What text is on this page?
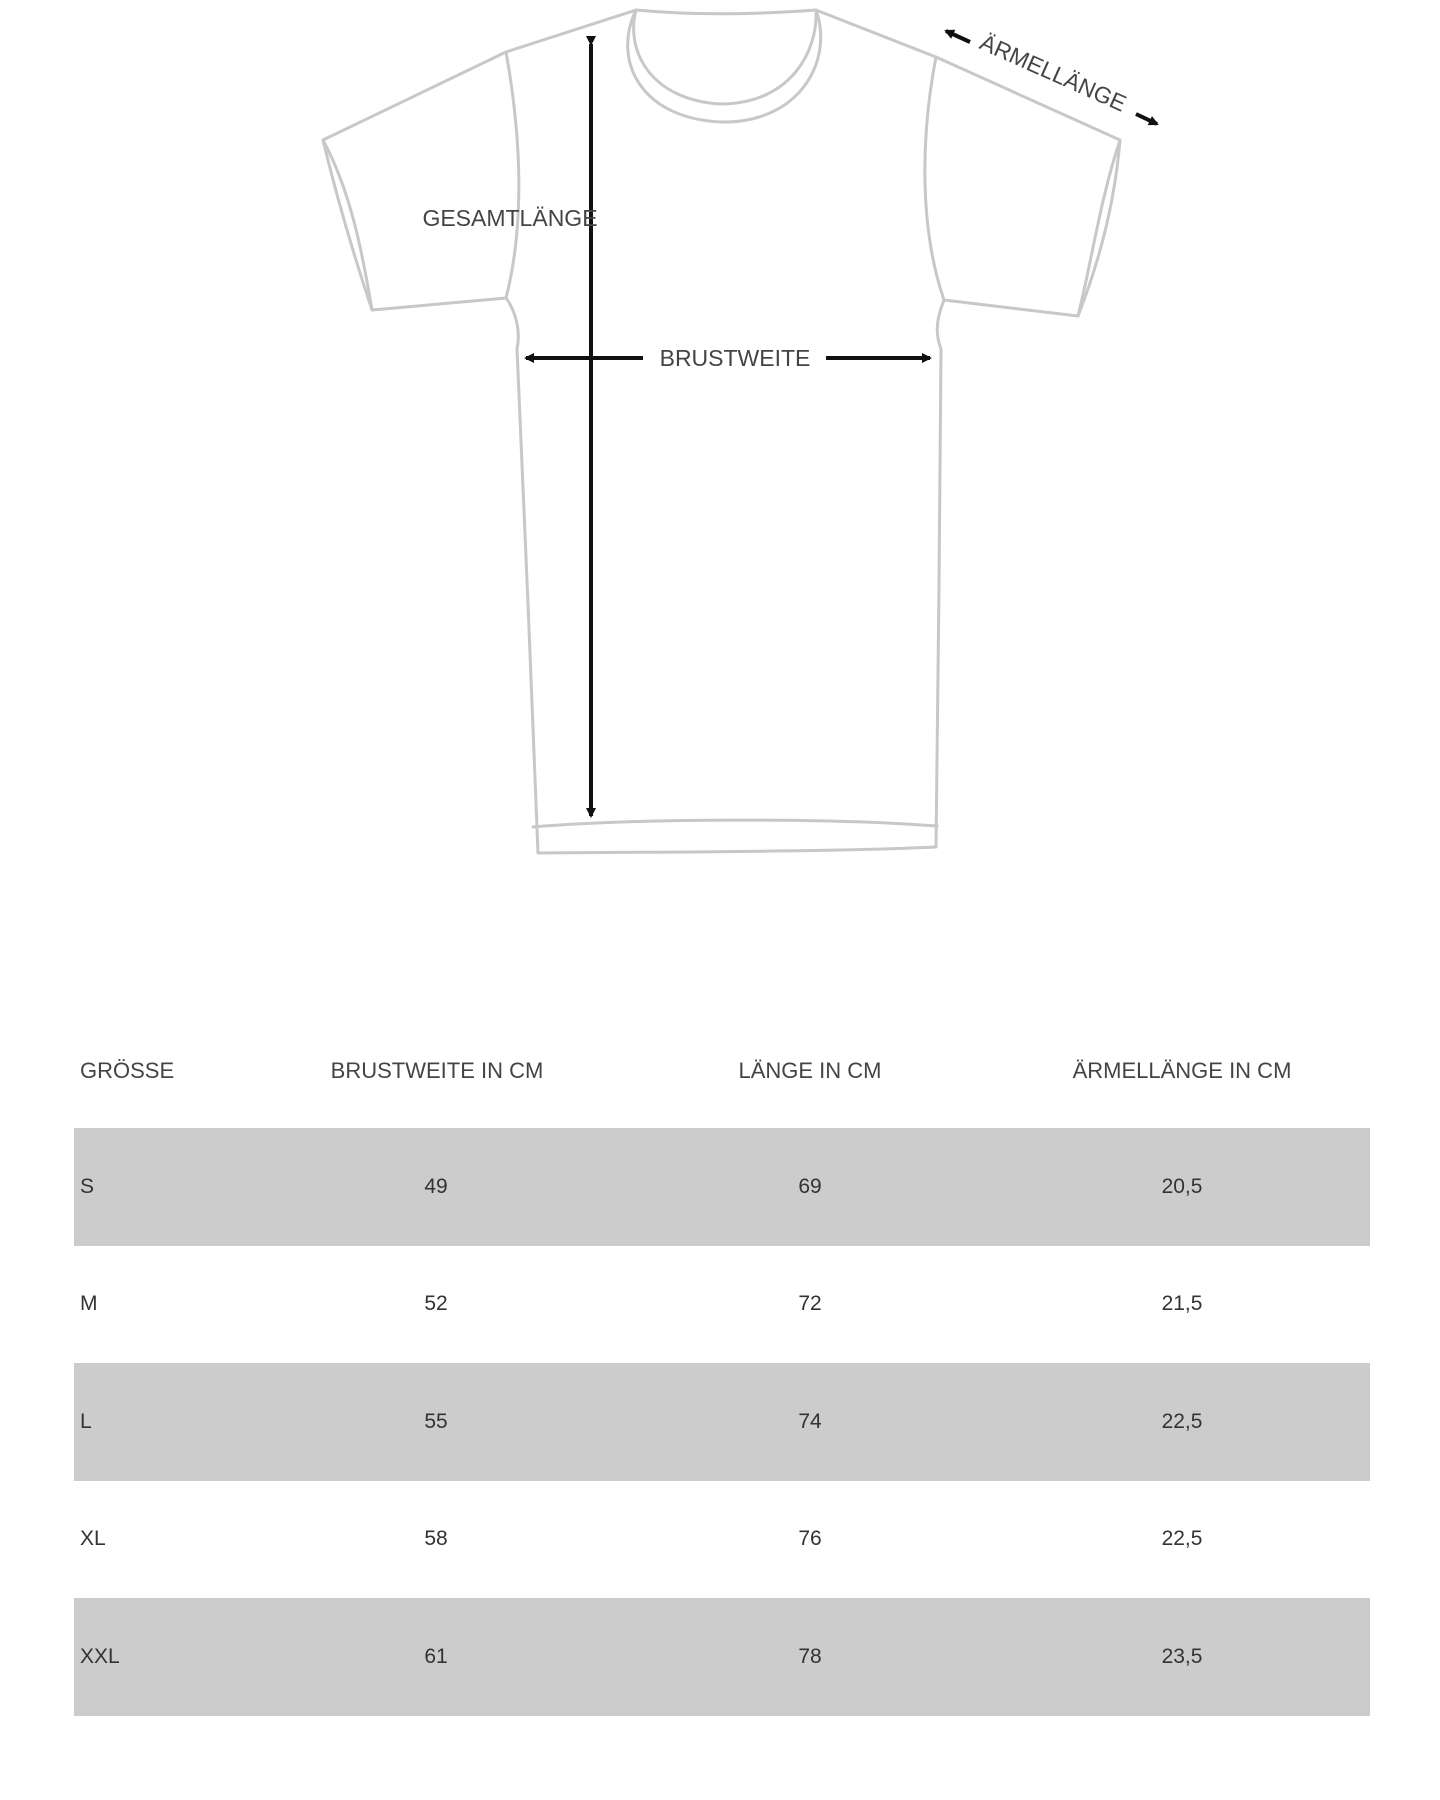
GESAMTLÄNGE
BRUSTWEITE
ÄRMELLÄNGE
GRÖSSE	BRUSTWEITE IN CM	LÄNGE IN CM	ÄRMELLÄNGE IN CM
S	49	69	20,5
M	52	72	21,5
L	55	74	22,5
XL	58	76	22,5
XXL	61	78	23,5
